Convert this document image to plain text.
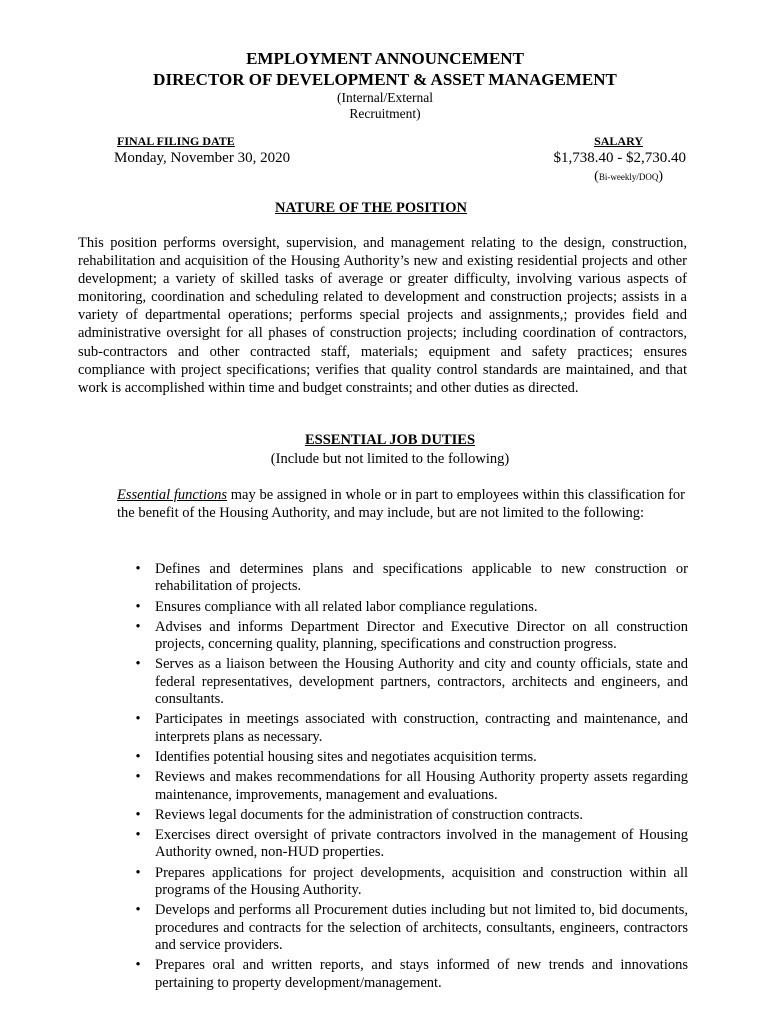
EMPLOYMENT ANNOUNCEMENT
DIRECTOR OF DEVELOPMENT & ASSET MANAGEMENT
(Internal/External
Recruitment)
FINAL FILING DATE
Monday, November 30, 2020
SALARY
$1,738.40 - $2,730.40
(Bi-weekly/DOQ)
NATURE OF THE POSITION
This position performs oversight, supervision, and management relating to the design, construction, rehabilitation and acquisition of the Housing Authority’s new and existing residential projects and other development; a variety of skilled tasks of average or greater difficulty, involving various aspects of monitoring, coordination and scheduling related to development and construction projects; assists in a variety of departmental operations; performs special projects and assignments,; provides field and administrative oversight for all phases of construction projects; including coordination of contractors, sub-contractors and other contracted staff, materials; equipment and safety practices; ensures compliance with project specifications; verifies that quality control standards are maintained, and that work is accomplished within time and budget constraints; and other duties as directed.
ESSENTIAL JOB DUTIES
(Include but not limited to the following)
Essential functions may be assigned in whole or in part to employees within this classification for the benefit of the Housing Authority, and may include, but are not limited to the following:
• Defines and determines plans and specifications applicable to new construction or rehabilitation of projects.
• Ensures compliance with all related labor compliance regulations.
• Advises and informs Department Director and Executive Director on all construction projects, concerning quality, planning, specifications and construction progress.
• Serves as a liaison between the Housing Authority and city and county officials, state and federal representatives, development partners, contractors, architects and engineers, and consultants.
• Participates in meetings associated with construction, contracting and maintenance, and interprets plans as necessary.
• Identifies potential housing sites and negotiates acquisition terms.
• Reviews and makes recommendations for all Housing Authority property assets regarding maintenance, improvements, management and evaluations.
• Reviews legal documents for the administration of construction contracts.
• Exercises direct oversight of private contractors involved in the management of Housing Authority owned, non-HUD properties.
• Prepares applications for project developments, acquisition and construction within all programs of the Housing Authority.
• Develops and performs all Procurement duties including but not limited to, bid documents, procedures and contracts for the selection of architects, consultants, engineers, contractors and service providers.
• Prepares oral and written reports, and stays informed of new trends and innovations pertaining to property development/management.
